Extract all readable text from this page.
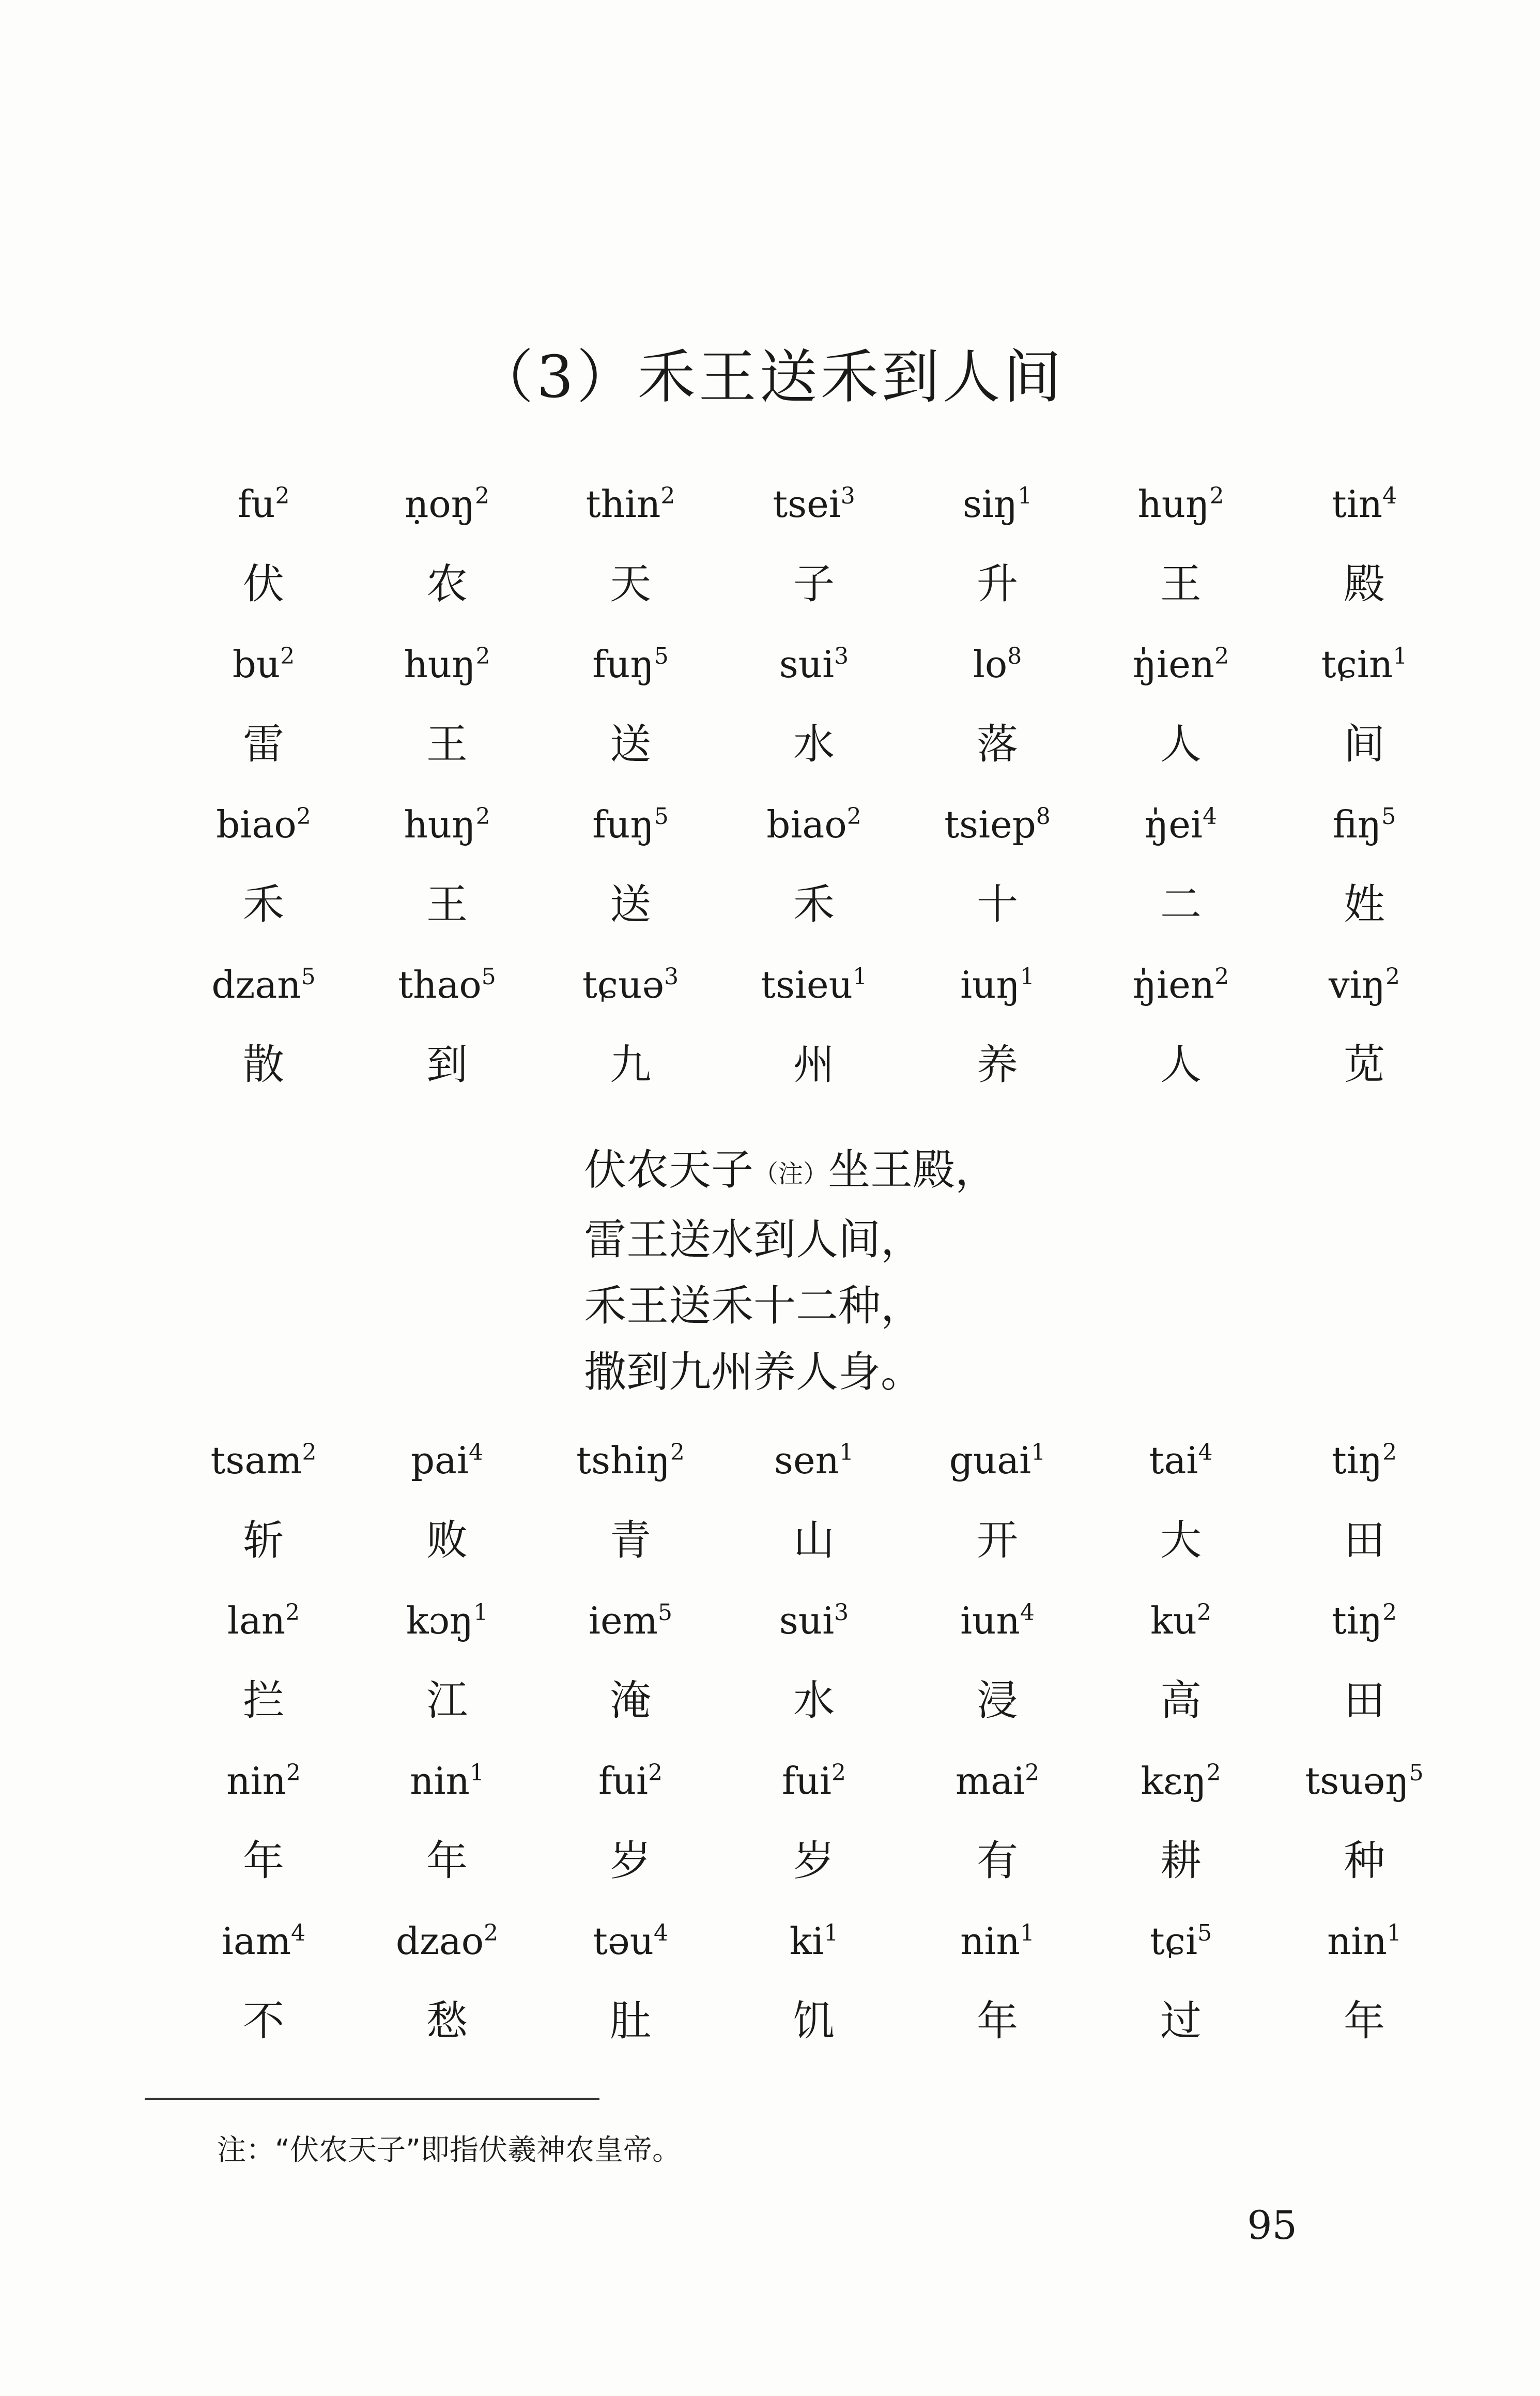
（3）禾王送禾到人间
$fu^2$
伏
ṇoŋ$^2$
农
thin$^2$
天
tsei$^3$
子
siŋ$^1$
升
huŋ$^2$
王
tin$^4$
殿
$bu^2$
雷
huŋ$^2$
王
fuŋ$^5$
送
sui$^3$
水
$lo^8$
落
ŋ̍ien$^2$
人
tɕin$^1$
间
biao$^2$
禾
huŋ$^2$
王
fuŋ$^5$
送
biao$^2$
禾
tsiep$^8$
十
$ŋ̍ei^4$
二
fiŋ$^5$
姓
dzan$^5$
散
thao$^5$
到
tɕuə$^3$
九
tsieu$^1$
州
iuŋ$^1$
养
ŋ̍ien$^2$
人
viŋ$^2$
苋
伏农天子（注）坐王殿，
雷王送水到人间，
禾王送禾十二种，
撒到九州养人身。
tsam$^2$
斩
pai$^4$
败
tshiŋ$^2$
青
sen$^1$
山
guai$^1$
开
tai$^4$
大
tiŋ$^2$
田
lan$^2$
拦
kɔŋ$^1$
江
iem$^5$
淹
sui$^3$
水
iun$^4$
浸
$ku^2$
高
tiŋ$^2$
田
nin$^2$
年
nin$^1$
年
fui$^2$
岁
fui$^2$
岁
mai$^2$
有
kɛŋ$^2$
耕
tsuəŋ$^5$
种
iam$^4$
不
dzao$^2$
愁
təu$^4$
肚
$ki^1$
饥
nin$^1$
年
tɕi$^5$
过
nin$^1$
年
注：“伏农天子”即指伏羲神农皇帝。
95
